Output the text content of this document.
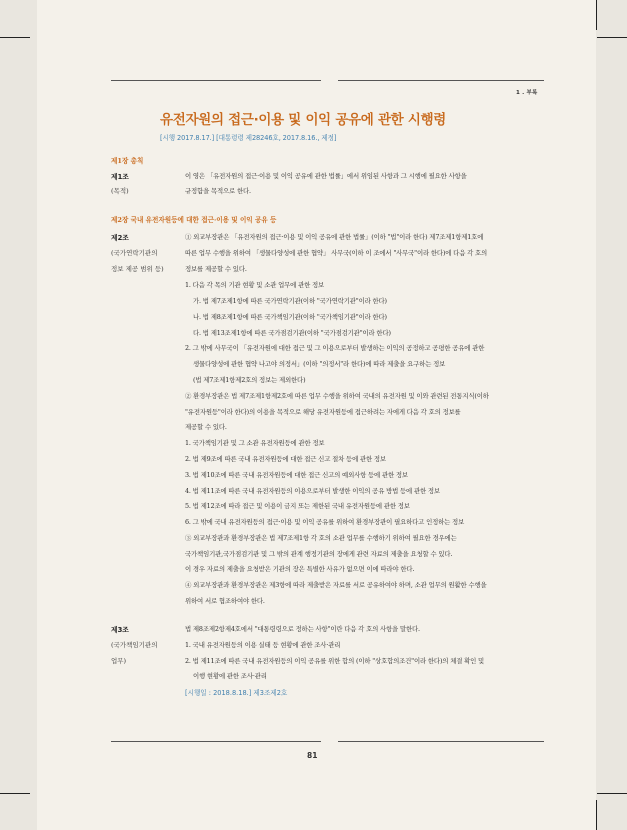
1 . 부록
유전자원의 접근·이용 및 이익 공유에 관한 시행령
[시행 2017.8.17.] [대통령령 제28246호, 2017.8.16., 제정]
제1장 총칙
제1조
(목적)
이 영은 「유전자원의 접근·이용 및 이익 공유에 관한 법률」에서 위임된 사항과 그 시행에 필요한 사항을
규정함을 목적으로 한다.
제2장 국내 유전자원등에 대한 접근·이용 및 이익 공유 등
제2조
(국가연락기관의
정보 제공 범위 등)
① 외교부장관은 「유전자원의 접근·이용 및 이익 공유에 관한 법률」(이하 "법"이라 한다) 제7조제1항제1호에
따른 업무 수행을 위하여 「생물다양성에 관한 협약」 사무국(이하 이 조에서 "사무국"이라 한다)에 다음 각 호의
정보를 제공할 수 있다.
1. 다음 각 목의 기관 현황 및 소관 업무에 관한 정보
가. 법 제7조제1항에 따른 국가연락기관(이하 "국가연락기관"이라 한다)
나. 법 제8조제1항에 따른 국가책임기관(이하 "국가책임기관"이라 한다)
다. 법 제13조제1항에 따른 국가점검기관(이하 "국가점검기관"이라 한다)
2. 그 밖에 사무국이 「유전자원에 대한 접근 및 그 이용으로부터 발생하는 이익의 공정하고 공평한 공유에 관한
생물다양성에 관한 협약 나고야 의정서」(이하 "의정서"라 한다)에 따라 제출을 요구하는 정보
(법 제7조제1항제2호의 정보는 제외한다)
② 환경부장관은 법 제7조제1항제2호에 따른 업무 수행을 위하여 국내의 유전자원 및 이와 관련된 전통지식(이하
"유전자원등"이라 한다)의 이용을 목적으로 해당 유전자원등에 접근하려는 자에게 다음 각 호의 정보를
제공할 수 있다.
1. 국가책임기관 및 그 소관 유전자원등에 관한 정보
2. 법 제9조에 따른 국내 유전자원등에 대한 접근 신고 절차 등에 관한 정보
3. 법 제10조에 따른 국내 유전자원등에 대한 접근 신고의 예외사항 등에 관한 정보
4. 법 제11조에 따른 국내 유전자원등의 이용으로부터 발생한 이익의 공유 방법 등에 관한 정보
5. 법 제12조에 따라 접근 및 이용이 금지 또는 제한된 국내 유전자원등에 관한 정보
6. 그 밖에 국내 유전자원등의 접근·이용 및 이익 공유를 위하여 환경부장관이 필요하다고 인정하는 정보
③ 외교부장관과 환경부장관은 법 제7조제1항 각 호의 소관 업무를 수행하기 위하여 필요한 경우에는
국가책임기관,국가점검기관 및 그 밖의 관계 행정기관의 장에게 관련 자료의 제출을 요청할 수 있다.
이 경우 자료의 제출을 요청받은 기관의 장은 특별한 사유가 없으면 이에 따라야 한다.
④ 외교부장관과 환경부장관은 제3항에 따라 제출받은 자료를 서로 공유하여야 하며, 소관 업무의 원활한 수행을
위하여 서로 협조하여야 한다.
제3조
(국가책임기관의
업무)
법 제8조제2항제4호에서 "대통령령으로 정하는 사항"이란 다음 각 호의 사항을 말한다.
1. 국내 유전자원등의 이용 실태 등 현황에 관한 조사·관리
2. 법 제11조에 따른 국내 유전자원등의 이익 공유를 위한 합의 (이하 "상호합의조건"이라 한다)의 체결 확인 및
이행 현황에 관한 조사·관리
[시행일 : 2018.8.18.] 제3조제2호
81
